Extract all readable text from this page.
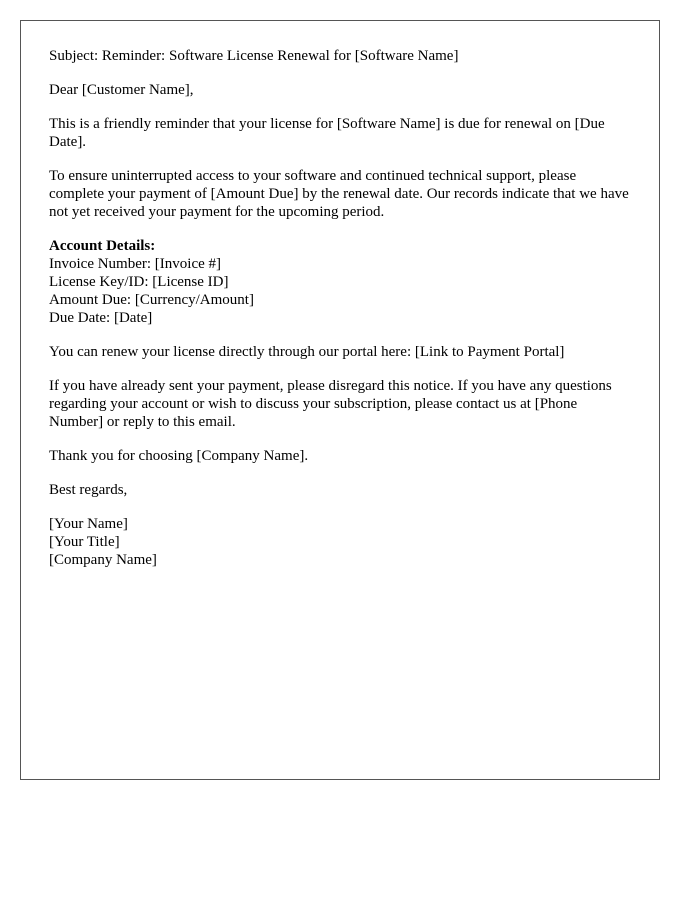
Subject: Reminder: Software License Renewal for [Software Name]

Dear [Customer Name],

This is a friendly reminder that your license for [Software Name] is due for renewal on [Due Date].

To ensure uninterrupted access to your software and continued technical support, please complete your payment of [Amount Due] by the renewal date. Our records indicate that we have not yet received your payment for the upcoming period.

Account Details:
Invoice Number: [Invoice #]
License Key/ID: [License ID]
Amount Due: [Currency/Amount]
Due Date: [Date]

You can renew your license directly through our portal here: [Link to Payment Portal]

If you have already sent your payment, please disregard this notice. If you have any questions regarding your account or wish to discuss your subscription, please contact us at [Phone Number] or reply to this email.

Thank you for choosing [Company Name].

Best regards,

[Your Name]
[Your Title]
[Company Name]
